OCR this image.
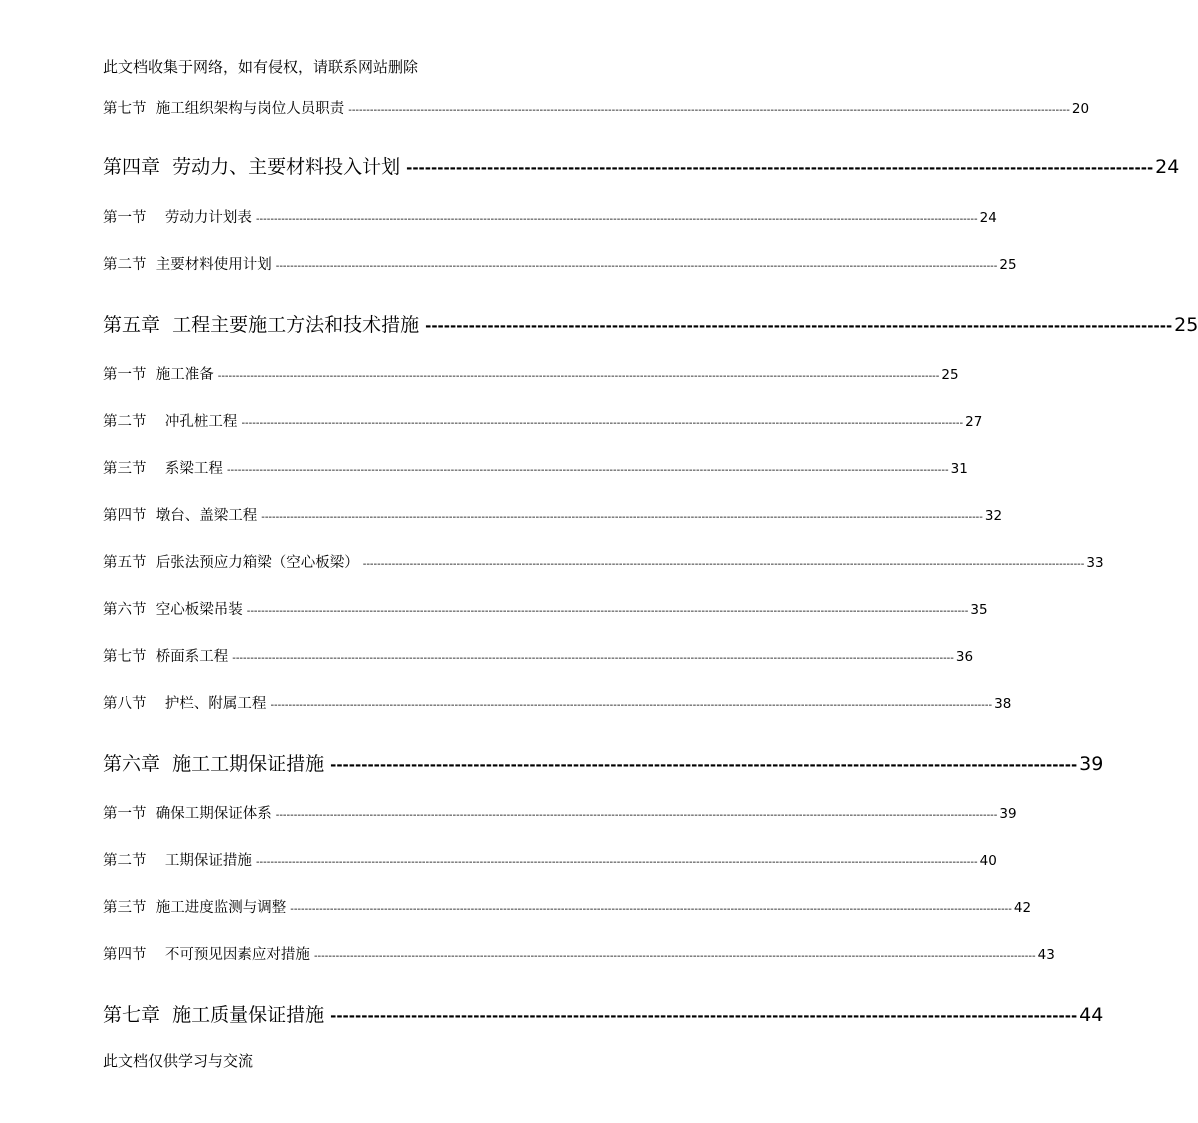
此文档收集于网络，如有侵权，请联系网站删除
第七节  施工组织架构与岗位人员职责 -------------------------------------------------------------------------------------------------------------------------------------------------------------------------------------------------------- 20
第四章  劳动力、主要材料投入计划 ------------------------------------------------------------------------------------------------------------------------ 24
第一节    劳动力计划表 -------------------------------------------------------------------------------------------------------------------------------------------------------------------------------------------------------- 24
第二节  主要材料使用计划 -------------------------------------------------------------------------------------------------------------------------------------------------------------------------------------------------------- 25
第五章  工程主要施工方法和技术措施 ------------------------------------------------------------------------------------------------------------------------ 25
第一节  施工准备 -------------------------------------------------------------------------------------------------------------------------------------------------------------------------------------------------------- 25
第二节    冲孔桩工程 -------------------------------------------------------------------------------------------------------------------------------------------------------------------------------------------------------- 27
第三节    系梁工程 -------------------------------------------------------------------------------------------------------------------------------------------------------------------------------------------------------- 31
第四节  墩台、盖梁工程 -------------------------------------------------------------------------------------------------------------------------------------------------------------------------------------------------------- 32
第五节  后张法预应力箱梁（空心板梁） -------------------------------------------------------------------------------------------------------------------------------------------------------------------------------------------------------- 33
第六节  空心板梁吊装 -------------------------------------------------------------------------------------------------------------------------------------------------------------------------------------------------------- 35
第七节  桥面系工程 -------------------------------------------------------------------------------------------------------------------------------------------------------------------------------------------------------- 36
第八节    护栏、附属工程 -------------------------------------------------------------------------------------------------------------------------------------------------------------------------------------------------------- 38
第六章  施工工期保证措施 ------------------------------------------------------------------------------------------------------------------------ 39
第一节  确保工期保证体系 -------------------------------------------------------------------------------------------------------------------------------------------------------------------------------------------------------- 39
第二节    工期保证措施 -------------------------------------------------------------------------------------------------------------------------------------------------------------------------------------------------------- 40
第三节  施工进度监测与调整 -------------------------------------------------------------------------------------------------------------------------------------------------------------------------------------------------------- 42
第四节    不可预见因素应对措施 -------------------------------------------------------------------------------------------------------------------------------------------------------------------------------------------------------- 43
第七章  施工质量保证措施 ------------------------------------------------------------------------------------------------------------------------ 44
此文档仅供学习与交流
